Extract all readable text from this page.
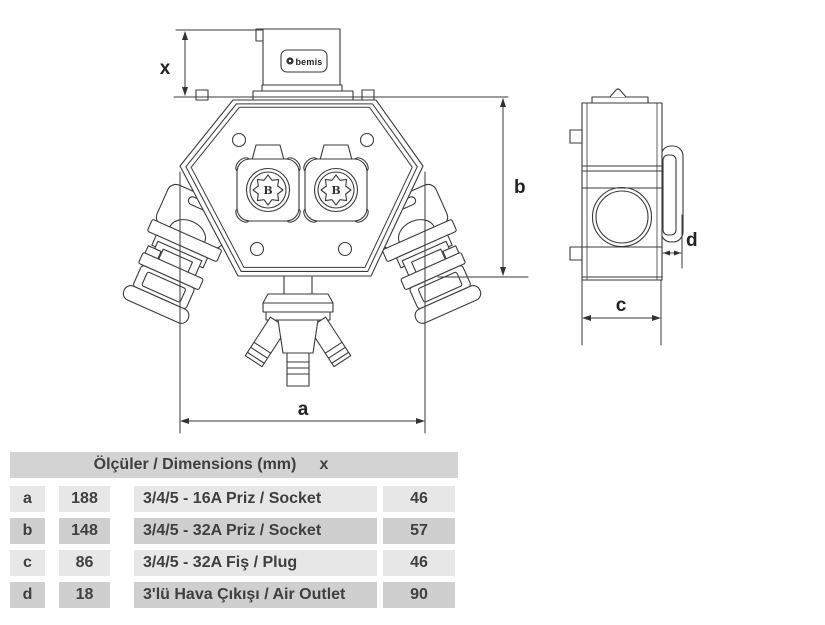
bemis
B	B
x
b
a
c
d
Ölçüler / Dimensions (mm)	x
a	188	3/4/5 - 16A Priz / Socket	46
b	148	3/4/5 - 32A Priz / Socket	57
c	86	3/4/5 - 32A Fiş / Plug	46
d	18	3'lü Hava Çıkışı / Air Outlet	90
